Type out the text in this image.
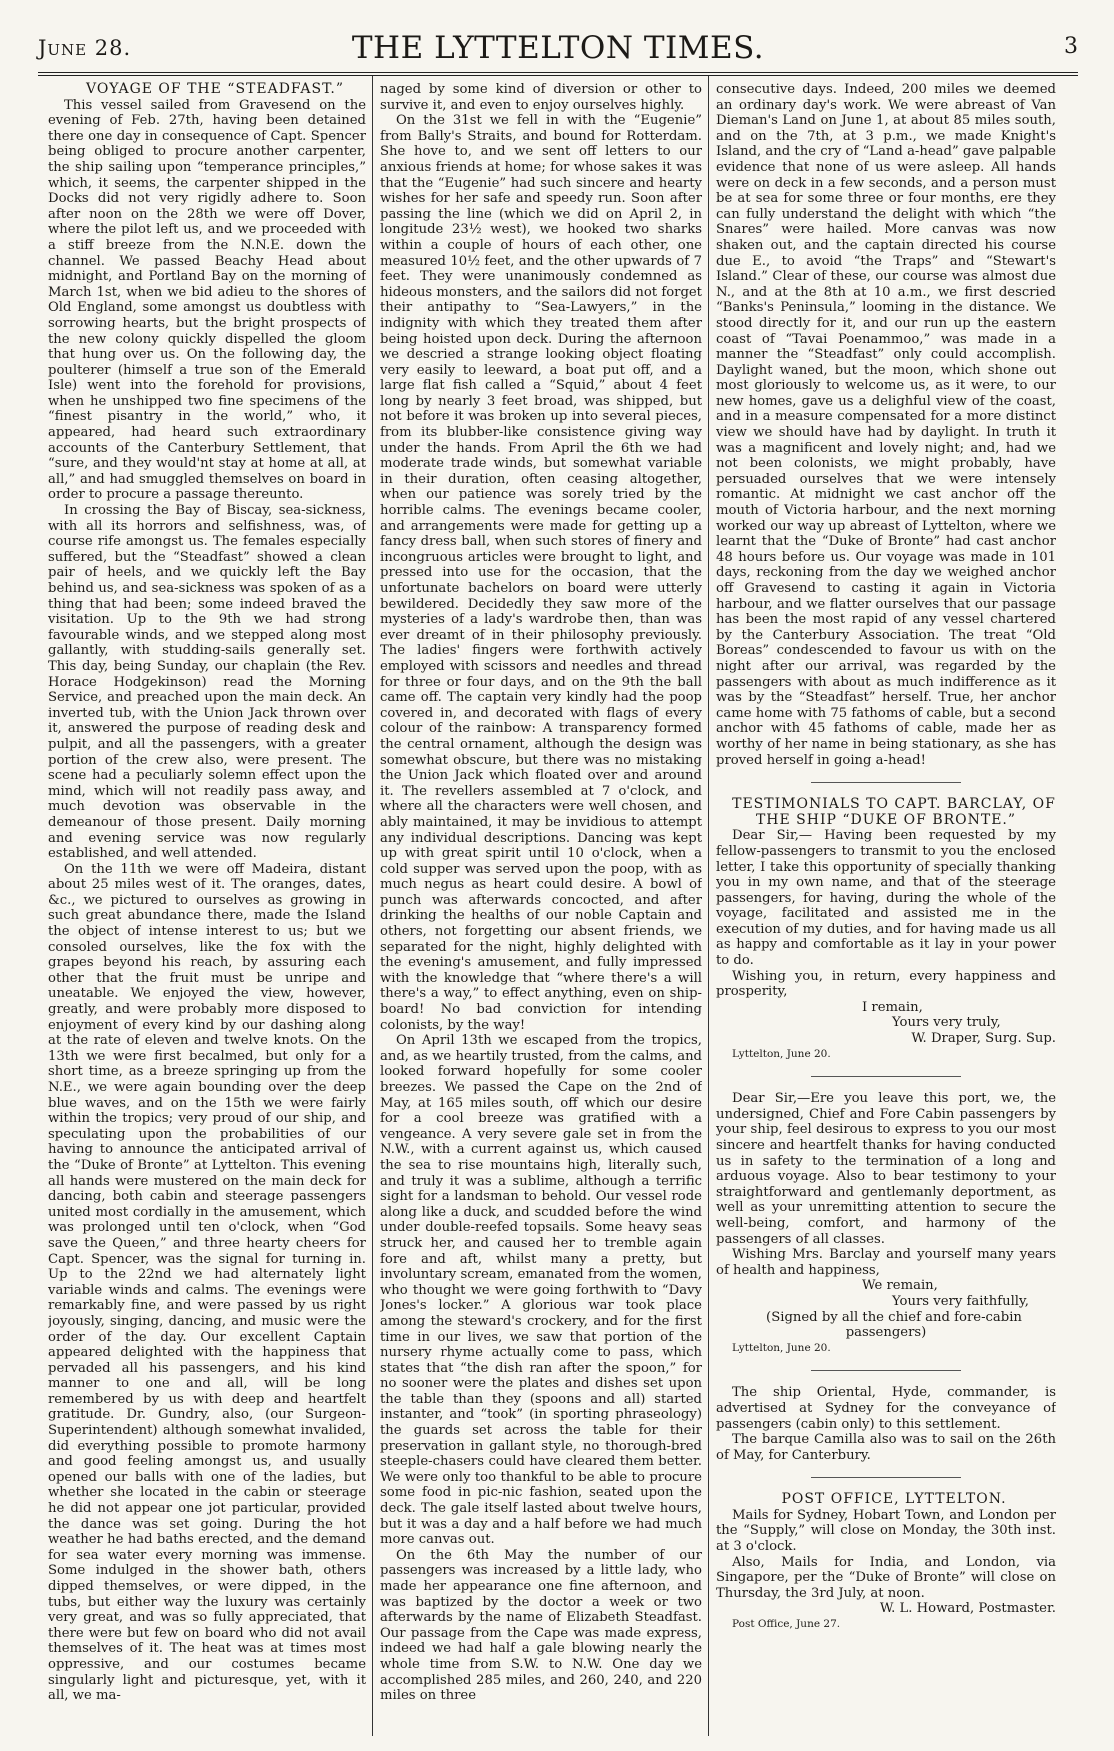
June 28.	THE LYTTELTON TIMES.	3

VOYAGE OF THE “STEADFAST.”

This vessel sailed from Gravesend on the evening of Feb. 27th, having been detained there one day in consequence of Capt. Spencer being obliged to procure another carpenter, the ship sailing upon “temperance principles,” which, it seems, the carpenter shipped in the Docks did not very rigidly adhere to. Soon after noon on the 28th we were off Dover, where the pilot left us, and we proceeded with a stiff breeze from the N.N.E. down the channel. We passed Beachy Head about midnight, and Portland Bay on the morning of March 1st, when we bid adieu to the shores of Old England, some amongst us doubtless with sorrowing hearts, but the bright prospects of the new colony quickly dispelled the gloom that hung over us. On the following day, the poulterer (himself a true son of the Emerald Isle) went into the forehold for provisions, when he unshipped two fine specimens of the “finest pisantry in the world,” who, it appeared, had heard such extraordinary accounts of the Canterbury Settlement, that “sure, and they would'nt stay at home at all, at all,” and had smuggled themselves on board in order to procure a passage thereunto.

In crossing the Bay of Biscay, sea-sickness, with all its horrors and selfishness, was, of course rife amongst us. The females especially suffered, but the “Steadfast” showed a clean pair of heels, and we quickly left the Bay behind us, and sea-sickness was spoken of as a thing that had been; some indeed braved the visitation. Up to the 9th we had strong favourable winds, and we stepped along most gallantly, with studding-sails generally set. This day, being Sunday, our chaplain (the Rev. Horace Hodgekinson) read the Morning Service, and preached upon the main deck. An inverted tub, with the Union Jack thrown over it, answered the purpose of reading desk and pulpit, and all the passengers, with a greater portion of the crew also, were present. The scene had a peculiarly solemn effect upon the mind, which will not readily pass away, and much devotion was observable in the demeanour of those present. Daily morning and evening service was now regularly established, and well attended.

On the 11th we were off Madeira, distant about 25 miles west of it. The oranges, dates, &c., we pictured to ourselves as growing in such great abundance there, made the Island the object of intense interest to us; but we consoled ourselves, like the fox with the grapes beyond his reach, by assuring each other that the fruit must be unripe and uneatable. We enjoyed the view, however, greatly, and were probably more disposed to enjoyment of every kind by our dashing along at the rate of eleven and twelve knots. On the 13th we were first becalmed, but only for a short time, as a breeze springing up from the N.E., we were again bounding over the deep blue waves, and on the 15th we were fairly within the tropics; very proud of our ship, and speculating upon the probabilities of our having to announce the anticipated arrival of the “Duke of Bronte” at Lyttelton. This evening all hands were mustered on the main deck for dancing, both cabin and steerage passengers united most cordially in the amusement, which was prolonged until ten o'clock, when “God save the Queen,” and three hearty cheers for Capt. Spencer, was the signal for turning in. Up to the 22nd we had alternately light variable winds and calms. The evenings were remarkably fine, and were passed by us right joyously, singing, dancing, and music were the order of the day. Our excellent Captain appeared delighted with the happiness that pervaded all his passengers, and his kind manner to one and all, will be long remembered by us with deep and heartfelt gratitude. Dr. Gundry, also, (our Surgeon-Superintendent) although somewhat invalided, did everything possible to promote harmony and good feeling amongst us, and usually opened our balls with one of the ladies, but whether she located in the cabin or steerage he did not appear one jot particular, provided the dance was set going. During the hot weather he had baths erected, and the demand for sea water every morning was immense. Some indulged in the shower bath, others dipped themselves, or were dipped, in the tubs, but either way the luxury was certainly very great, and was so fully appreciated, that there were but few on board who did not avail themselves of it. The heat was at times most oppressive, and our costumes became singularly light and picturesque, yet, with it all, we ma-

naged by some kind of diversion or other to survive it, and even to enjoy ourselves highly.

On the 31st we fell in with the “Eugenie” from Bally's Straits, and bound for Rotterdam. She hove to, and we sent off letters to our anxious friends at home; for whose sakes it was that the “Eugenie” had such sincere and hearty wishes for her safe and speedy run. Soon after passing the line (which we did on April 2, in longitude 23½ west), we hooked two sharks within a couple of hours of each other, one measured 10½ feet, and the other upwards of 7 feet. They were unanimously condemned as hideous monsters, and the sailors did not forget their antipathy to “Sea-Lawyers,” in the indignity with which they treated them after being hoisted upon deck. During the afternoon we descried a strange looking object floating very easily to leeward, a boat put off, and a large flat fish called a “Squid,” about 4 feet long by nearly 3 feet broad, was shipped, but not before it was broken up into several pieces, from its blubber-like consistence giving way under the hands. From April the 6th we had moderate trade winds, but somewhat variable in their duration, often ceasing altogether, when our patience was sorely tried by the horrible calms. The evenings became cooler, and arrangements were made for getting up a fancy dress ball, when such stores of finery and incongruous articles were brought to light, and pressed into use for the occasion, that the unfortunate bachelors on board were utterly bewildered. Decidedly they saw more of the mysteries of a lady's wardrobe then, than was ever dreamt of in their philosophy previously. The ladies' fingers were forthwith actively employed with scissors and needles and thread for three or four days, and on the 9th the ball came off. The captain very kindly had the poop covered in, and decorated with flags of every colour of the rainbow: A transparency formed the central ornament, although the design was somewhat obscure, but there was no mistaking the Union Jack which floated over and around it. The revellers assembled at 7 o'clock, and where all the characters were well chosen, and ably maintained, it may be invidious to attempt any individual descriptions. Dancing was kept up with great spirit until 10 o'clock, when a cold supper was served upon the poop, with as much negus as heart could desire. A bowl of punch was afterwards concocted, and after drinking the healths of our noble Captain and others, not forgetting our absent friends, we separated for the night, highly delighted with the evening's amusement, and fully impressed with the knowledge that “where there's a will there's a way,” to effect anything, even on ship-board! No bad conviction for intending colonists, by the way!

On April 13th we escaped from the tropics, and, as we heartily trusted, from the calms, and looked forward hopefully for some cooler breezes. We passed the Cape on the 2nd of May, at 165 miles south, off which our desire for a cool breeze was gratified with a vengeance. A very severe gale set in from the N.W., with a current against us, which caused the sea to rise mountains high, literally such, and truly it was a sublime, although a terrific sight for a landsman to behold. Our vessel rode along like a duck, and scudded before the wind under double-reefed topsails. Some heavy seas struck her, and caused her to tremble again fore and aft, whilst many a pretty, but involuntary scream, emanated from the women, who thought we were going forthwith to “Davy Jones's locker.” A glorious war took place among the steward's crockery, and for the first time in our lives, we saw that portion of the nursery rhyme actually come to pass, which states that “the dish ran after the spoon,” for no sooner were the plates and dishes set upon the table than they (spoons and all) started instanter, and “took” (in sporting phraseology) the guards set across the table for their preservation in gallant style, no thorough-bred steeple-chasers could have cleared them better. We were only too thankful to be able to procure some food in pic-nic fashion, seated upon the deck. The gale itself lasted about twelve hours, but it was a day and a half before we had much more canvas out.

On the 6th May the number of our passengers was increased by a little lady, who made her appearance one fine afternoon, and was baptized by the doctor a week or two afterwards by the name of Elizabeth Steadfast. Our passage from the Cape was made express, indeed we had half a gale blowing nearly the whole time from S.W. to N.W. One day we accomplished 285 miles, and 260, 240, and 220 miles on three

consecutive days. Indeed, 200 miles we deemed an ordinary day's work. We were abreast of Van Dieman's Land on June 1, at about 85 miles south, and on the 7th, at 3 p.m., we made Knight's Island, and the cry of “Land a-head” gave palpable evidence that none of us were asleep. All hands were on deck in a few seconds, and a person must be at sea for some three or four months, ere they can fully understand the delight with which “the Snares” were hailed. More canvas was now shaken out, and the captain directed his course due E., to avoid “the Traps” and “Stewart's Island.” Clear of these, our course was almost due N., and at the 8th at 10 a.m., we first descried “Banks's Peninsula,” looming in the distance. We stood directly for it, and our run up the eastern coast of “Tavai Poenammoo,” was made in a manner the “Steadfast” only could accomplish. Daylight waned, but the moon, which shone out most gloriously to welcome us, as it were, to our new homes, gave us a delighful view of the coast, and in a measure compensated for a more distinct view we should have had by daylight. In truth it was a magnificent and lovely night; and, had we not been colonists, we might probably, have persuaded ourselves that we were intensely romantic. At midnight we cast anchor off the mouth of Victoria harbour, and the next morning worked our way up abreast of Lyttelton, where we learnt that the “Duke of Bronte” had cast anchor 48 hours before us. Our voyage was made in 101 days, reckoning from the day we weighed anchor off Gravesend to casting it again in Victoria harbour, and we flatter ourselves that our passage has been the most rapid of any vessel chartered by the Canterbury Association. The treat “Old Boreas” condescended to favour us with on the night after our arrival, was regarded by the passengers with about as much indifference as it was by the “Steadfast” herself. True, her anchor came home with 75 fathoms of cable, but a second anchor with 45 fathoms of cable, made her as worthy of her name in being stationary, as she has proved herself in going a-head!

TESTIMONIALS TO CAPT. BARCLAY, OF THE SHIP “DUKE OF BRONTE.”

Dear Sir,— Having been requested by my fellow-passengers to transmit to you the enclosed letter, I take this opportunity of specially thanking you in my own name, and that of the steerage passengers, for having, during the whole of the voyage, facilitated and assisted me in the execution of my duties, and for having made us all as happy and comfortable as it lay in your power to do.

Wishing you, in return, every happiness and prosperity,

I remain,

Yours very truly,

W. Draper, Surg. Sup.

Lyttelton, June 20.

Dear Sir,—Ere you leave this port, we, the undersigned, Chief and Fore Cabin passengers by your ship, feel desirous to express to you our most sincere and heartfelt thanks for having conducted us in safety to the termination of a long and arduous voyage. Also to bear testimony to your straightforward and gentlemanly deportment, as well as your unremitting attention to secure the well-being, comfort, and harmony of the passengers of all classes.

Wishing Mrs. Barclay and yourself many years of health and happiness,

We remain,

Yours very faithfully,

(Signed by all the chief and fore-cabin passengers)

Lyttelton, June 20.

The ship Oriental, Hyde, commander, is advertised at Sydney for the conveyance of passengers (cabin only) to this settlement.

The barque Camilla also was to sail on the 26th of May, for Canterbury.

POST OFFICE, LYTTELTON.

Mails for Sydney, Hobart Town, and London per the “Supply,” will close on Monday, the 30th inst. at 3 o'clock.

Also, Mails for India, and London, via Singapore, per the “Duke of Bronte” will close on Thursday, the 3rd July, at noon.

W. L. Howard, Postmaster.

Post Office, June 27.
